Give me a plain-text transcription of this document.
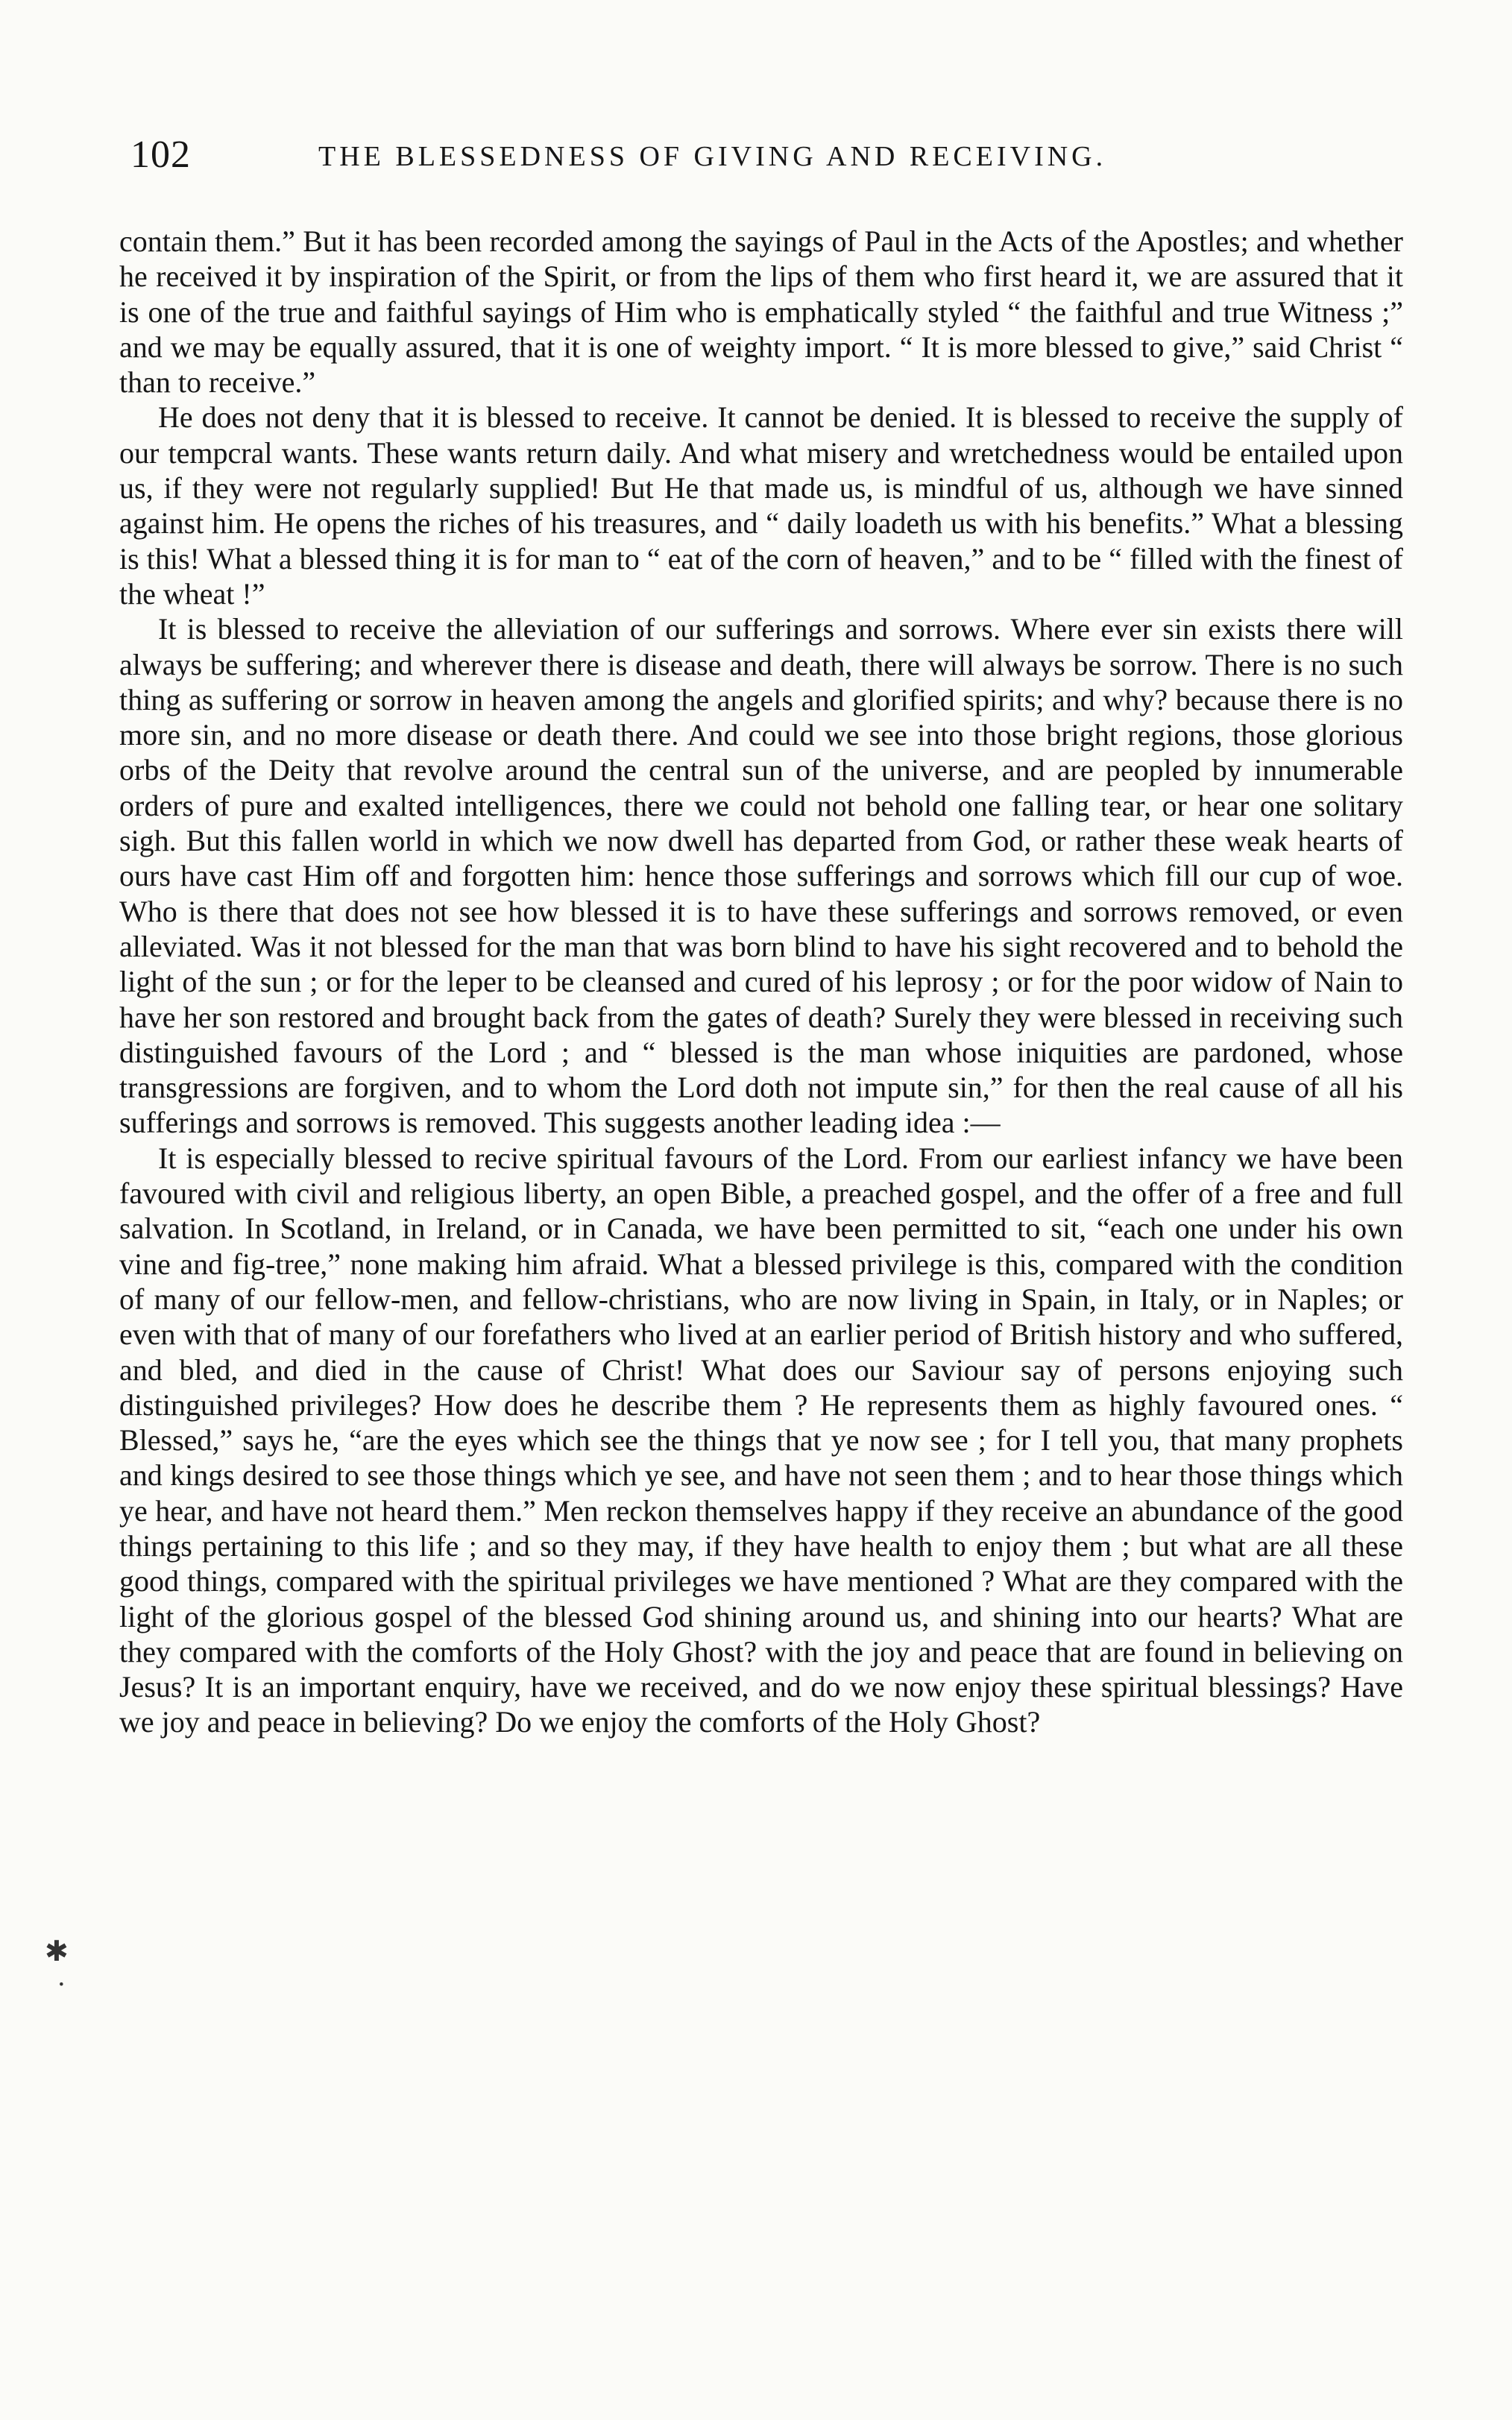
102	THE BLESSEDNESS OF GIVING AND RECEIVING.

contain them.” But it has been recorded among the sayings of Paul in the Acts of the Apostles; and whether he received it by inspiration of the Spirit, or from the lips of them who first heard it, we are assured that it is one of the true and faithful sayings of Him who is emphatically styled “ the faithful and true Witness ;” and we may be equally assured, that it is one of weighty import. “ It is more blessed to give,” said Christ “ than to receive.”

He does not deny that it is blessed to receive. It cannot be denied. It is blessed to receive the supply of our tempcral wants. These wants return daily. And what misery and wretchedness would be entailed upon us, if they were not regularly supplied! But He that made us, is mindful of us, although we have sinned against him. He opens the riches of his treasures, and “ daily loadeth us with his benefits.” What a blessing is this! What a blessed thing it is for man to “ eat of the corn of heaven,” and to be “ filled with the finest of the wheat !”

It is blessed to receive the alleviation of our sufferings and sorrows. Where ever sin exists there will always be suffering; and wherever there is disease and death, there will always be sorrow. There is no such thing as suffering or sorrow in heaven among the angels and glorified spirits; and why? because there is no more sin, and no more disease or death there. And could we see into those bright regions, those glorious orbs of the Deity that revolve around the central sun of the universe, and are peopled by innumerable orders of pure and exalted intelligences, there we could not behold one falling tear, or hear one solitary sigh. But this fallen world in which we now dwell has departed from God, or rather these weak hearts of ours have cast Him off and forgotten him: hence those sufferings and sorrows which fill our cup of woe. Who is there that does not see how blessed it is to have these sufferings and sorrows removed, or even alleviated. Was it not blessed for the man that was born blind to have his sight recovered and to behold the light of the sun ; or for the leper to be cleansed and cured of his leprosy ; or for the poor widow of Nain to have her son restored and brought back from the gates of death? Surely they were blessed in receiving such distinguished favours of the Lord ; and “ blessed is the man whose iniquities are pardoned, whose transgressions are forgiven, and to whom the Lord doth not impute sin,” for then the real cause of all his sufferings and sorrows is removed. This suggests another leading idea :—

It is especially blessed to recive spiritual favours of the Lord. From our earliest infancy we have been favoured with civil and religious liberty, an open Bible, a preached gospel, and the offer of a free and full salvation. In Scotland, in Ireland, or in Canada, we have been permitted to sit, “each one under his own vine and fig-tree,” none making him afraid. What a blessed privilege is this, compared with the condition of many of our fellow-men, and fellow-christians, who are now living in Spain, in Italy, or in Naples; or even with that of many of our forefathers who lived at an earlier period of British history and who suffered, and bled, and died in the cause of Christ! What does our Saviour say of persons enjoying such distinguished privileges? How does he describe them ? He represents them as highly favoured ones. “ Blessed,” says he, “are the eyes which see the things that ye now see ; for I tell you, that many prophets and kings desired to see those things which ye see, and have not seen them ; and to hear those things which ye hear, and have not heard them.” Men reckon themselves happy if they receive an abundance of the good things pertaining to this life ; and so they may, if they have health to enjoy them ; but what are all these good things, compared with the spiritual privileges we have mentioned ? What are they compared with the light of the glorious gospel of the blessed God shining around us, and shining into our hearts? What are they compared with the comforts of the Holy Ghost? with the joy and peace that are found in believing on Jesus? It is an important enquiry, have we received, and do we now enjoy these spiritual blessings? Have we joy and peace in believing? Do we enjoy the comforts of the Holy Ghost?

✱
·
